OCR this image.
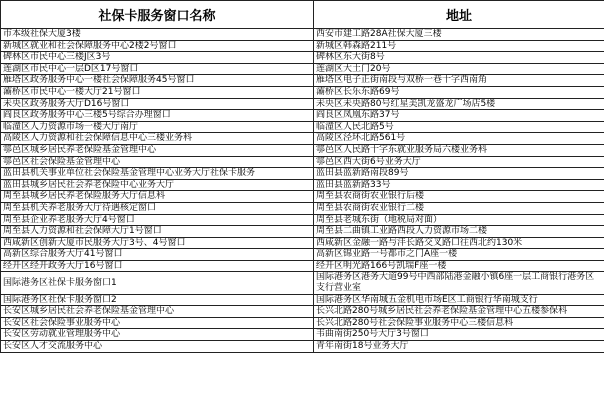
社保卡服务窗口名称	地址
市本级社保大厦3楼	西安市建工路28A社保大厦三楼
新城区就业和社会保障服务中心2楼2号窗口	新城区韩森路211号
碑林区市民中心三楼J区3号	碑林区东大街8号
莲湖区市民中心一层D区17号窗口	莲湖区大土门20号
雁塔区政务服务中心一楼社会保障服务45号窗口	雁塔区电子正街南段与双桥一巷十字西南角
灞桥区市民中心一楼大厅21号窗口	灞桥区长乐东路69号
未央区政务服务大厅D16号窗口	未央区未央路80号红星美凯龙盛龙广场店5楼
阎良区政务服务中心三楼5号综合办理窗口	阎良区凤凰东路37号
临潼区人力资源市场一楼大厅南厅	临潼区人民北路5号
高陵区人力资源和社会保障信息中心三楼业务科	高陵区泾环北路561号
鄠邑区城乡居民养老保险基金管理中心	鄠邑区人民路十字东就业服务局六楼业务科
鄠邑区社会保险基金管理中心	鄠邑区西大街6号业务大厅
蓝田县机关事业单位社会保险基金管理中心业务大厅社保卡服务	蓝田县蓝新路南段89号
蓝田县城乡居民社会养老保险中心业务大厅	蓝田县蓝新路33号
周至县城乡居民养老保险服务大厅信息科	周至县农商街农业银行后楼
周至县机关养老服务大厅待遇核定窗口	周至县农商街农业银行二楼
周至县企业养老服务大厅4号窗口	周至县老城东街（地税局对面）
周至县人力资源和社会保障大厅1号窗口	周至县二曲镇工业路西段人力资源市场二楼
西咸新区创新大厦市民服务大厅3号、4号窗口	西咸新区金融一路与沣长路交叉路口往西北约130米
高新区综合服务大厅41号窗口	高新区锦业路一号都市之门A座一楼
经开区经开政务大厅16号窗口	经开区明光路166号凯瑞F座一楼
国际港务区社保卡服务窗口1	国际港务区港务大道99号中西部陆港金融小镇6座一层工商银行港务区支行营业室
国际港务区社保卡服务窗口2	国际港务区华南城五金机电市场E区工商银行华南城支行
长安区城乡居民社会养老保险基金管理中心	长兴北路280号城乡居民社会养老保险基金管理中心五楼参保科
长安区社会保险事业服务中心	长兴北路280号社会保险事业服务中心三楼信息科
长安区劳动就业管理服务中心	韦曲南街250号大厅3号窗口
长安区人才交流服务中心	青年南街18号业务大厅
